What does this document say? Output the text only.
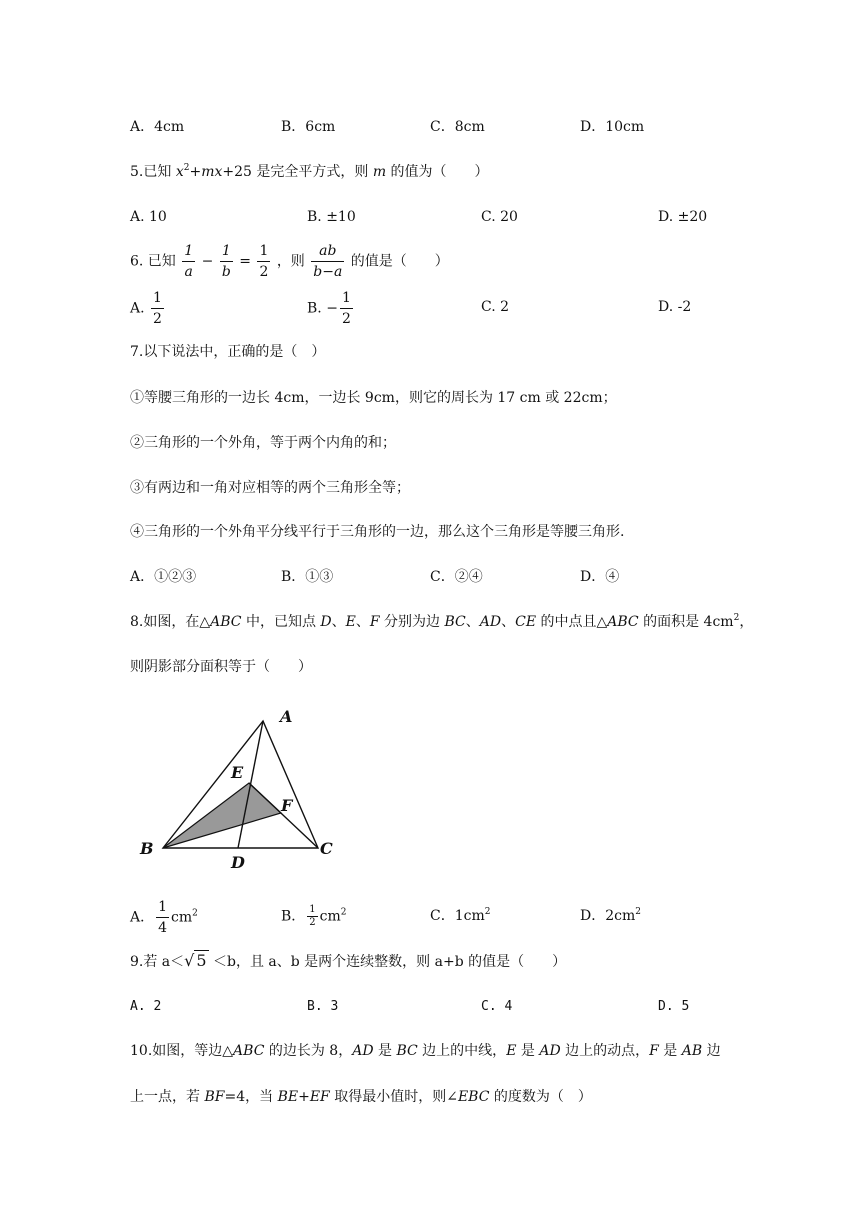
A．4cm	B．6cm	C．8cm	D．10cm
5.已知 $x^2+mx+25$ 是完全平方式，则 m 的值为（　　）
A. 10	B. ±10	C. 20	D. ±20
6. 已知 $\frac{1}{a} - \frac{1}{b} = \frac{1}{2}$ ，则 $\frac{ab}{b-a}$ 的值是（　　）
A. $\frac{1}{2}$	B. − $\frac{1}{2}$	C. 2	D. -2
7.以下说法中，正确的是（　）
①等腰三角形的一边长 4cm，一边长 9cm，则它的周长为 17 cm 或 22cm；
②三角形的一个外角，等于两个内角的和；
③有两边和一角对应相等的两个三角形全等；
④三角形的一个外角平分线平行于三角形的一边，那么这个三角形是等腰三角形.
A．①②③	B．①③	C．②④	D．④
8.如图，在△ABC 中，已知点 D、E、F 分别为边 BC、AD、CE 的中点且△ABC 的面积是 $4cm^2$，
则阴影部分面积等于（　　）
A
E
F
B	C
D
A． $\frac{1}{4} cm^2$	B． $\frac{1}{2} cm^2$	C．$1cm^2$	D．$2cm^2$
9.若 a＜√ 5 ＜b，且 a、b 是两个连续整数，则 a+b 的值是（　　）
A. 2	B. 3	C. 4	D. 5
10.如图，等边△ABC 的边长为 8，AD 是 BC 边上的中线，E 是 AD 边上的动点，F 是 AB 边
上一点，若 BF=4，当 BE+EF 取得最小值时，则∠EBC 的度数为（　）
